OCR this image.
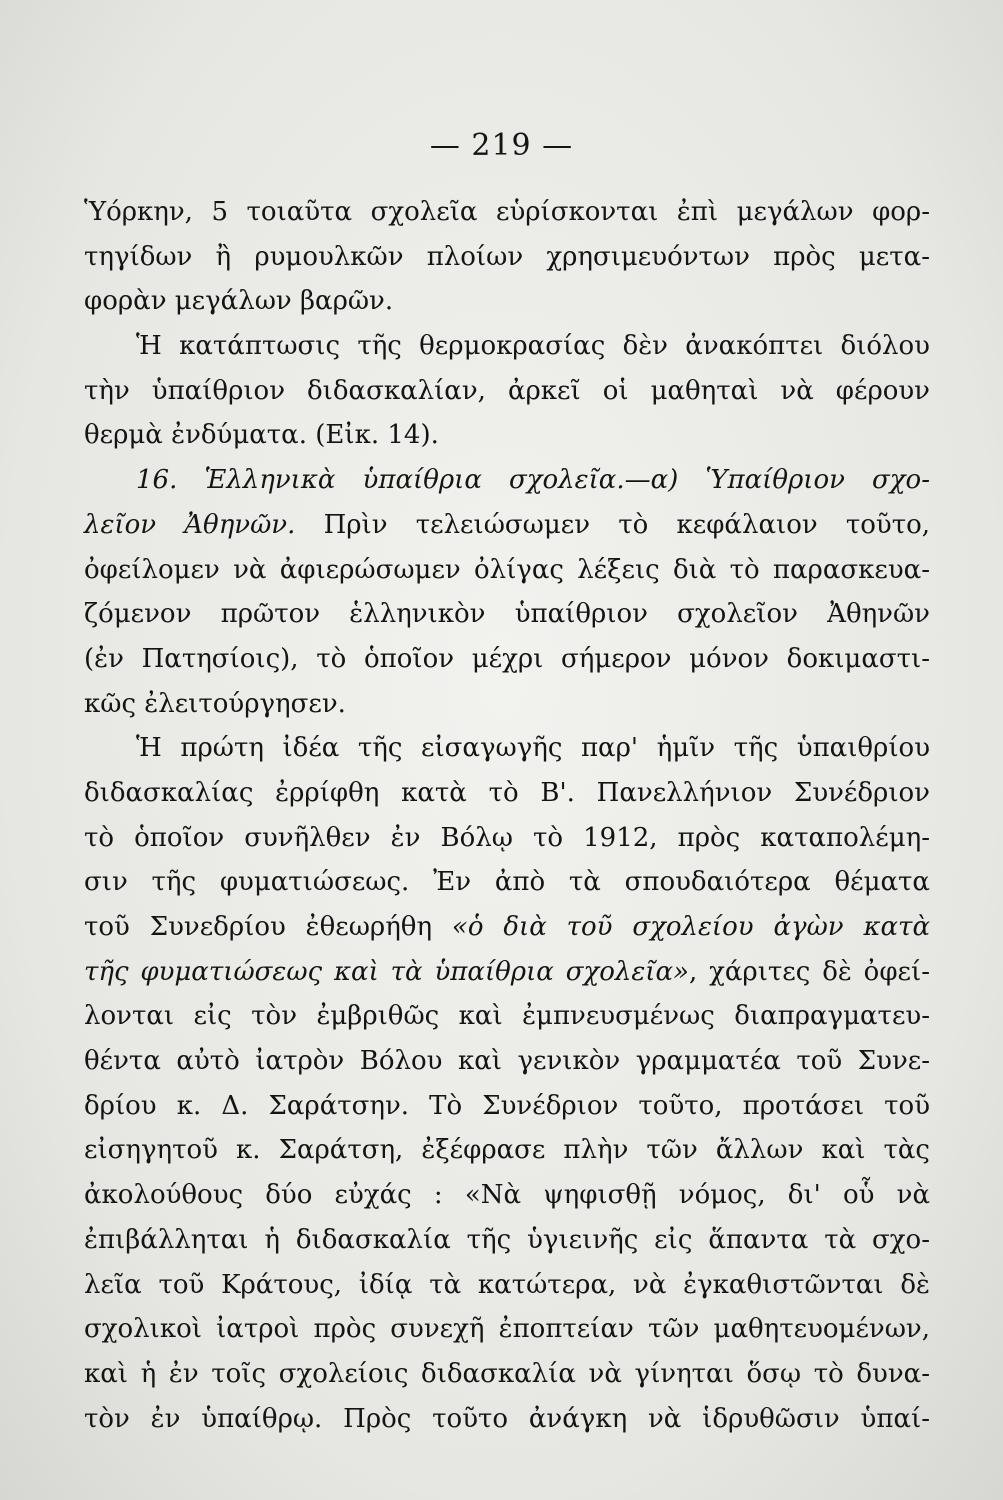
— 219 —
Ὑόρκην, 5 τοιαῦτα σχολεῖα εὑρίσκονται ἐπὶ μεγάλων φορ-
τηγίδων ἢ ρυμουλκῶν πλοίων χρησιμευόντων πρὸς μετα-
φορὰν μεγάλων βαρῶν.
Ἡ κατάπτωσις τῆς θερμοκρασίας δὲν ἀνακόπτει διόλου
τὴν ὑπαίθριον διδασκαλίαν, ἀρκεῖ οἱ μαθηταὶ νὰ φέρουν
θερμὰ ἐνδύματα. (Εἰκ. 14).
16. Ἑλληνικὰ ὑπαίθρια σχολεῖα.—α) Ὑπαίθριον σχο-
λεῖον Ἀθηνῶν. Πρὶν τελειώσωμεν τὸ κεφάλαιον τοῦτο,
ὀφείλομεν νὰ ἀφιερώσωμεν ὀλίγας λέξεις διὰ τὸ παρασκευα-
ζόμενον πρῶτον ἑλληνικὸν ὑπαίθριον σχολεῖον Ἀθηνῶν
(ἐν Πατησίοις), τὸ ὁποῖον μέχρι σήμερον μόνον δοκιμαστι-
κῶς ἐλειτούργησεν.
Ἡ πρώτη ἰδέα τῆς εἰσαγωγῆς παρ' ἡμῖν τῆς ὑπαιθρίου
διδασκαλίας ἐρρίφθη κατὰ τὸ Β'. Πανελλήνιον Συνέδριον
τὸ ὁποῖον συνῆλθεν ἐν Βόλῳ τὸ 1912, πρὸς καταπολέμη-
σιν τῆς φυματιώσεως. Ἐν ἀπὸ τὰ σπουδαιότερα θέματα
τοῦ Συνεδρίου ἐθεωρήθη «ὁ διὰ τοῦ σχολείου ἀγὼν κατὰ
τῆς φυματιώσεως καὶ τὰ ὑπαίθρια σχολεῖα», χάριτες δὲ ὀφεί-
λονται εἰς τὸν ἐμβριθῶς καὶ ἐμπνευσμένως διαπραγματευ-
θέντα αὐτὸ ἰατρὸν Βόλου καὶ γενικὸν γραμματέα τοῦ Συνε-
δρίου κ. Δ. Σαράτσην. Τὸ Συνέδριον τοῦτο, προτάσει τοῦ
εἰσηγητοῦ κ. Σαράτση, ἐξέφρασε πλὴν τῶν ἄλλων καὶ τὰς
ἀκολούθους δύο εὐχάς : «Νὰ ψηφισθῇ νόμος, δι' οὗ νὰ
ἐπιβάλληται ἡ διδασκαλία τῆς ὑγιεινῆς εἰς ἅπαντα τὰ σχο-
λεῖα τοῦ Κράτους, ἰδίᾳ τὰ κατώτερα, νὰ ἐγκαθιστῶνται δὲ
σχολικοὶ ἰατροὶ πρὸς συνεχῆ ἐποπτείαν τῶν μαθητευομένων,
καὶ ἡ ἐν τοῖς σχολείοις διδασκαλία νὰ γίνηται ὅσῳ τὸ δυνα-
τὸν ἐν ὑπαίθρῳ. Πρὸς τοῦτο ἀνάγκη νὰ ἱδρυθῶσιν ὑπαί-
